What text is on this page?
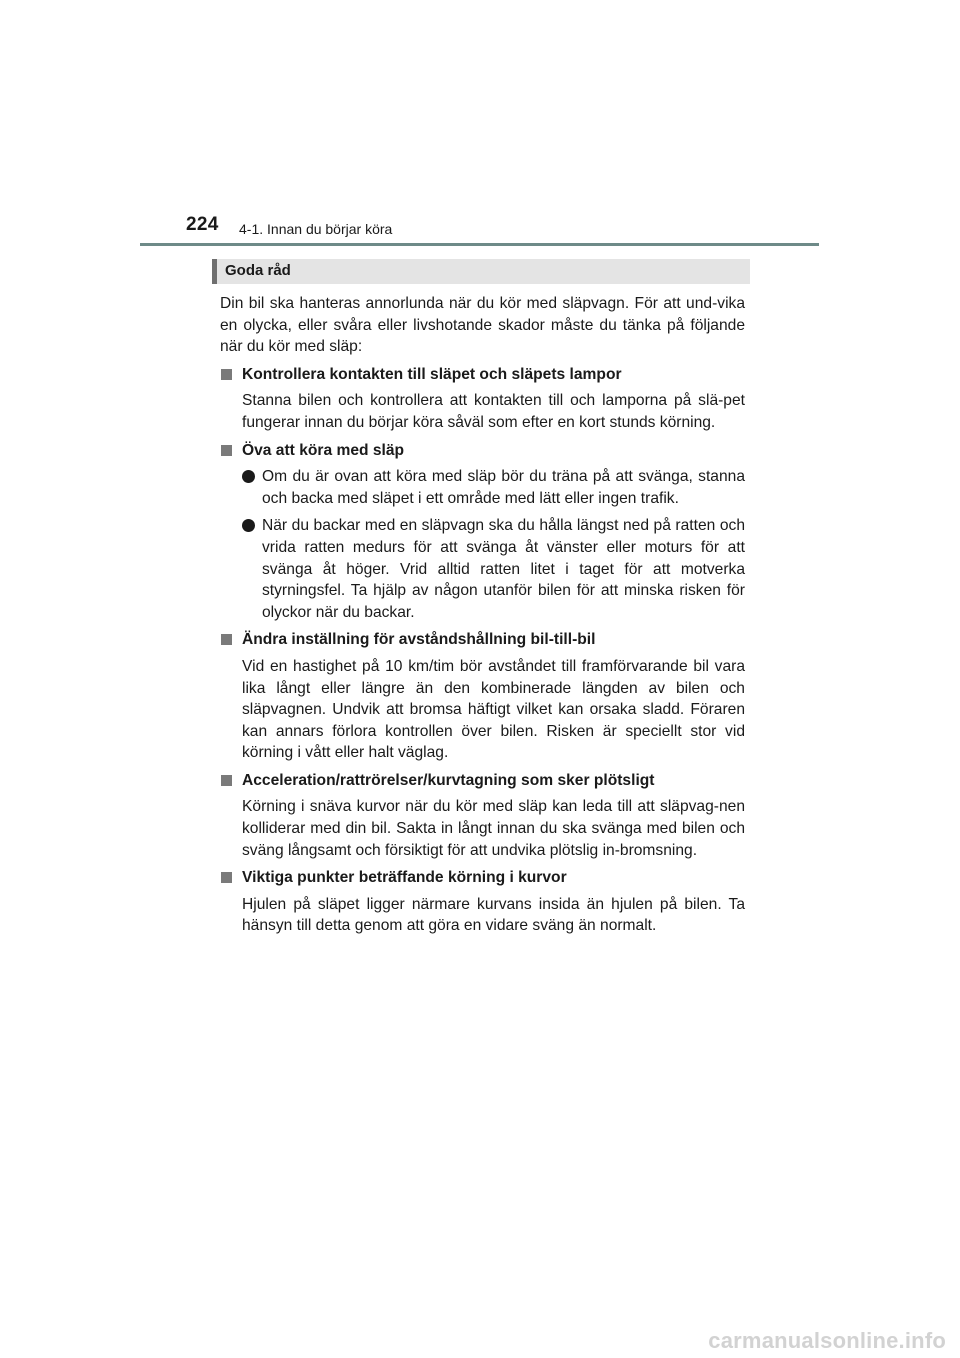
224 4-1. Innan du börjar köra
Goda råd

Din bil ska hanteras annorlunda när du kör med släpvagn. För att und-vika en olycka, eller svåra eller livshotande skador måste du tänka på följande när du kör med släp:

Kontrollera kontakten till släpet och släpets lampor

Stanna bilen och kontrollera att kontakten till och lamporna på slä-pet fungerar innan du börjar köra såväl som efter en kort stunds körning.

Öva att köra med släp

Om du är ovan att köra med släp bör du träna på att svänga, stanna och backa med släpet i ett område med lätt eller ingen trafik.

När du backar med en släpvagn ska du hålla längst ned på ratten och vrida ratten medurs för att svänga åt vänster eller moturs för att svänga åt höger. Vrid alltid ratten litet i taget för att motverka styrningsfel. Ta hjälp av någon utanför bilen för att minska risken för olyckor när du backar.

Ändra inställning för avståndshållning bil-till-bil

Vid en hastighet på 10 km/tim bör avståndet till framförvarande bil vara lika långt eller längre än den kombinerade längden av bilen och släpvagnen. Undvik att bromsa häftigt vilket kan orsaka sladd. Föraren kan annars förlora kontrollen över bilen. Risken är speciellt stor vid körning i vått eller halt väglag.

Acceleration/rattrörelser/kurvtagning som sker plötsligt

Körning i snäva kurvor när du kör med släp kan leda till att släpvag-nen kolliderar med din bil. Sakta in långt innan du ska svänga med bilen och sväng långsamt och försiktigt för att undvika plötslig in-bromsning.

Viktiga punkter beträffande körning i kurvor

Hjulen på släpet ligger närmare kurvans insida än hjulen på bilen. Ta hänsyn till detta genom att göra en vidare sväng än normalt.

carmanualsonline.info
